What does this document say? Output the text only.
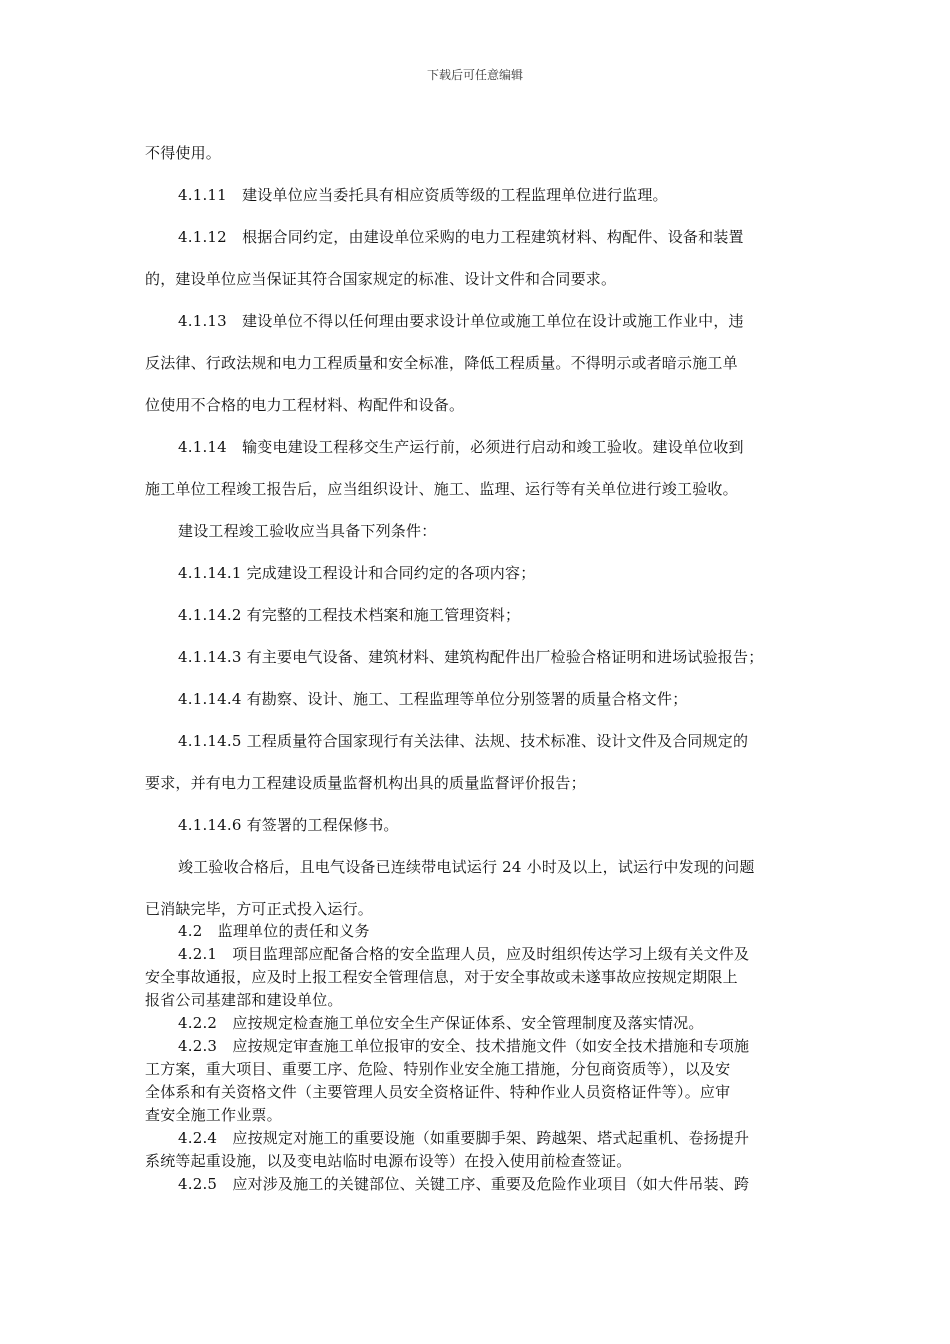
下载后可任意编辑
不得使用。
4.1.11　建设单位应当委托具有相应资质等级的工程监理单位进行监理。
4.1.12　根据合同约定，由建设单位采购的电力工程建筑材料、构配件、设备和装置
的，建设单位应当保证其符合国家规定的标准、设计文件和合同要求。
4.1.13　建设单位不得以任何理由要求设计单位或施工单位在设计或施工作业中，违
反法律、行政法规和电力工程质量和安全标准，降低工程质量。不得明示或者暗示施工单
位使用不合格的电力工程材料、构配件和设备。
4.1.14　输变电建设工程移交生产运行前，必须进行启动和竣工验收。建设单位收到
施工单位工程竣工报告后，应当组织设计、施工、监理、运行等有关单位进行竣工验收。
建设工程竣工验收应当具备下列条件：
4.1.14.1 完成建设工程设计和合同约定的各项内容；
4.1.14.2 有完整的工程技术档案和施工管理资料；
4.1.14.3 有主要电气设备、建筑材料、建筑构配件出厂检验合格证明和进场试验报告；
4.1.14.4 有勘察、设计、施工、工程监理等单位分别签署的质量合格文件；
4.1.14.5 工程质量符合国家现行有关法律、法规、技术标准、设计文件及合同规定的
要求，并有电力工程建设质量监督机构出具的质量监督评价报告；
4.1.14.6 有签署的工程保修书。
竣工验收合格后，且电气设备已连续带电试运行 24 小时及以上，试运行中发现的问题
已消缺完毕，方可正式投入运行。
4.2　监理单位的责任和义务
4.2.1　项目监理部应配备合格的安全监理人员，应及时组织传达学习上级有关文件及
安全事故通报，应及时上报工程安全管理信息，对于安全事故或未遂事故应按规定期限上
报省公司基建部和建设单位。
4.2.2　应按规定检查施工单位安全生产保证体系、安全管理制度及落实情况。
4.2.3　应按规定审查施工单位报审的安全、技术措施文件（如安全技术措施和专项施
工方案，重大项目、重要工序、危险、特别作业安全施工措施，分包商资质等），以及安
全体系和有关资格文件（主要管理人员安全资格证件、特种作业人员资格证件等）。应审
查安全施工作业票。
4.2.4　应按规定对施工的重要设施（如重要脚手架、跨越架、塔式起重机、卷扬提升
系统等起重设施，以及变电站临时电源布设等）在投入使用前检查签证。
4.2.5　应对涉及施工的关键部位、关键工序、重要及危险作业项目（如大件吊装、跨
